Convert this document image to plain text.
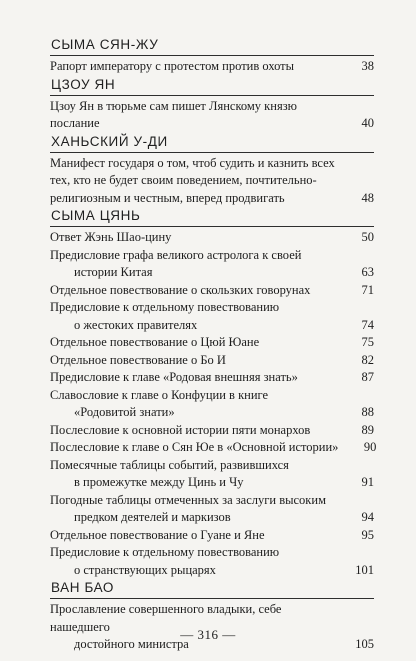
СЫМА СЯН-ЖУ
Рапорт императору с протестом против охоты	38
ЦЗОУ ЯН
Цзоу Ян в тюрьме сам пишет Лянскому князю
послание	40
ХАНЬСКИЙ У-ДИ
Манифест государя о том, чтоб судить и казнить всех
тех, кто не будет своим поведением, почтительно-
религиозным и честным, вперед продвигать	48
СЫМА ЦЯНЬ
Ответ Жэнь Шао-цину	50
Предисловие графа великого астролога к своей
истории Китая	63
Отдельное повествование о скользких говорунах	71
Предисловие к отдельному повествованию
о жестоких правителях	74
Отдельное повествование о Цюй Юане	75
Отдельное повествование о Бо И	82
Предисловие к главе «Родовая внешняя знать»	87
Славословие к главе о Конфуции в книге
«Родовитой знати»	88
Послесловие к основной истории пяти монархов	89
Послесловие к главе о Сян Юе в «Основной истории»	90
Помесячные таблицы событий, развившихся
в промежутке между Цинь и Чу	91
Погодные таблицы отмеченных за заслуги высоким
предком деятелей и маркизов	94
Отдельное повествование о Гуане и Яне	95
Предисловие к отдельному повествованию
о странствующих рыцарях	101
ВАН БАО
Прославление совершенного владыки, себе нашедшего
достойного министра	105
— 316 —
